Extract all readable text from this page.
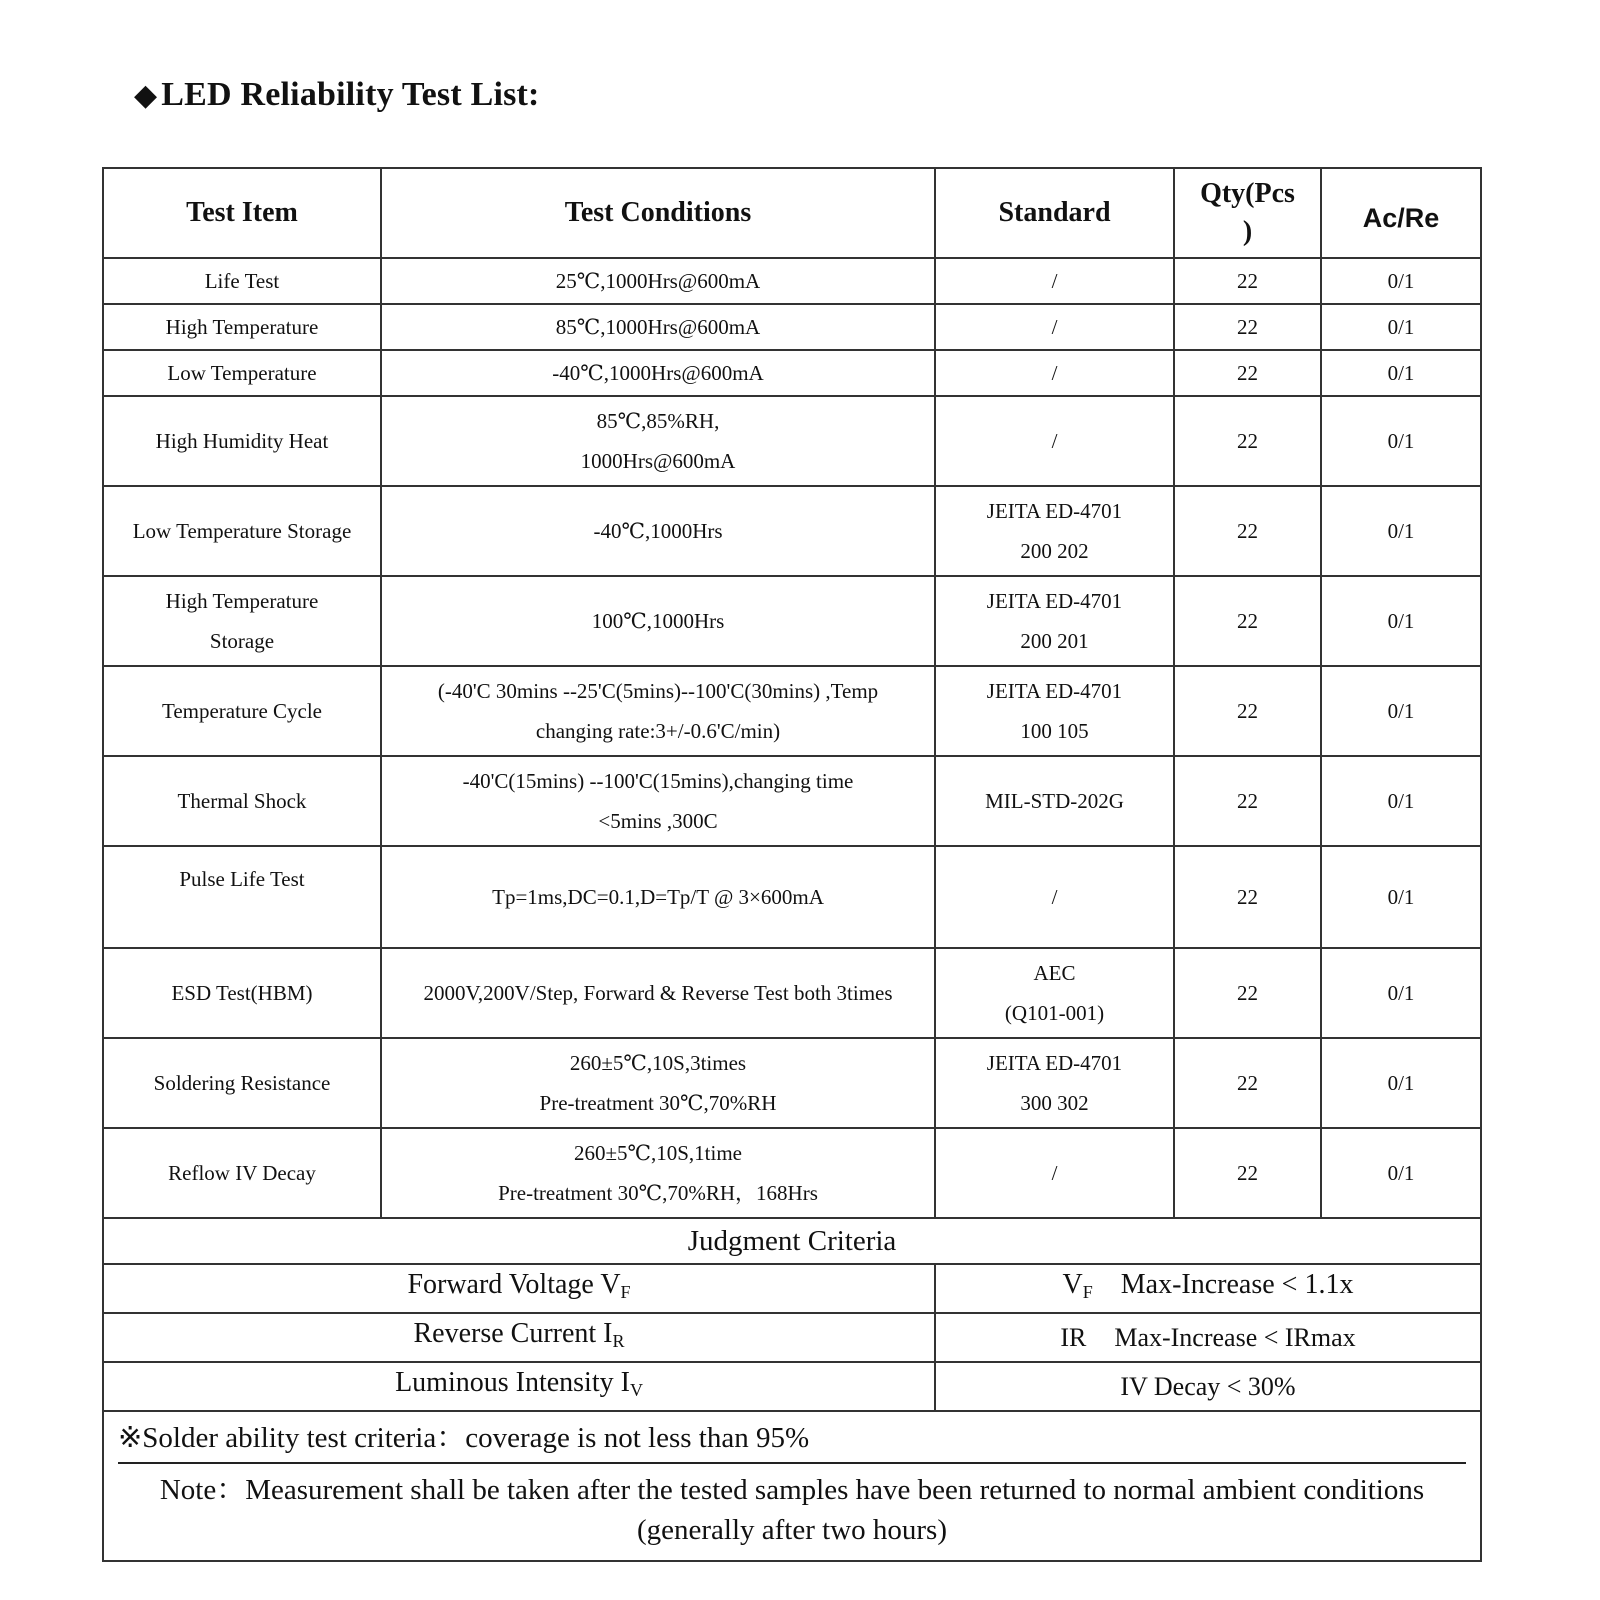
◆ LED Reliability Test List:
Test Item	Test Conditions	Standard	Qty(Pcs
)	Ac/Re

Life Test	25℃,1000Hrs@600mA	/	22	0/1

High Temperature	85℃,1000Hrs@600mA	/	22	0/1

Low Temperature	-40℃,1000Hrs@600mA	/	22	0/1

High Humidity Heat	85℃,85%RH,
1000Hrs@600mA	/	22	0/1

Low Temperature Storage	-40℃,1000Hrs	JEITA ED-4701
200 202	22	0/1

High Temperature
Storage	100℃,1000Hrs	JEITA ED-4701
200 201	22	0/1

Temperature Cycle	(-40'C 30mins --25'C(5mins)--100'C(30mins) ,Temp
changing rate:3+/-0.6'C/min)	JEITA ED-4701
100 105	22	0/1

Thermal Shock	-40'C(15mins) --100'C(15mins),changing time
<5mins ,300C	MIL-STD-202G	22	0/1

Pulse Life Test	Tp=1ms,DC=0.1,D=Tp/T @ 3×600mA	/	22	0/1

ESD Test(HBM)	2000V,200V/Step, Forward & Reverse Test both 3times	AEC
(Q101-001)	22	0/1

Soldering Resistance	260±5℃,10S,3times
Pre-treatment 30℃,70%RH	JEITA ED-4701
300 302	22	0/1

Reflow IV Decay	260±5℃,10S,1time
Pre-treatment 30℃,70%RH，168Hrs	/	22	0/1
Judgment Criteria				
Forward Voltage $V_F$		$V_F$ Max-Increase < 1.1x		
Reverse Current $I_R$		IR Max-Increase < IRmax		
Luminous Intensity $I_V$		IV Decay < 30%		

※Solder ability test criteria：coverage is not less than 95%
Note：Measurement shall be taken after the tested samples have been returned to normal ambient conditions (generally after two hours)				
